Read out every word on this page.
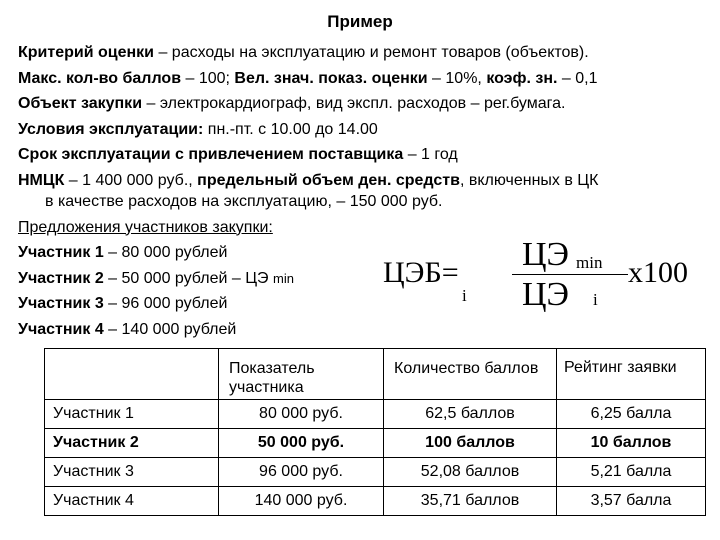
Пример
Критерий оценки – расходы на эксплуатацию и ремонт товаров (объектов).
Макс. кол-во баллов – 100; Вел. знач. показ. оценки – 10%, коэф. зн. – 0,1
Объект закупки – электрокардиограф, вид экспл. расходов – рег.бумага.
Условия эксплуатации: пн.-пт. с 10.00 до 14.00
Срок эксплуатации с привлечением поставщика – 1 год
НМЦК – 1 400 000 руб., предельный объем ден. средств, включенных в ЦК
в качестве расходов на эксплуатацию, – 150 000 руб.
Предложения участников закупки:
Участник 1 – 80 000 рублей
Участник 2 – 50 000 рублей – ЦЭ min
Участник 3 – 96 000 рублей
Участник 4 – 140 000 рублей
ЦЭБ=
i
ЦЭ min
ЦЭ i
х100
	Показатель участника	Количество баллов	Рейтинг заявки
Участник 1	80 000 руб.	62,5 баллов	6,25 балла
Участник 2	50 000 руб.	100 баллов	10 баллов
Участник 3	96 000 руб.	52,08 баллов	5,21 балла
Участник 4	140 000 руб.	35,71 баллов	3,57 балла
